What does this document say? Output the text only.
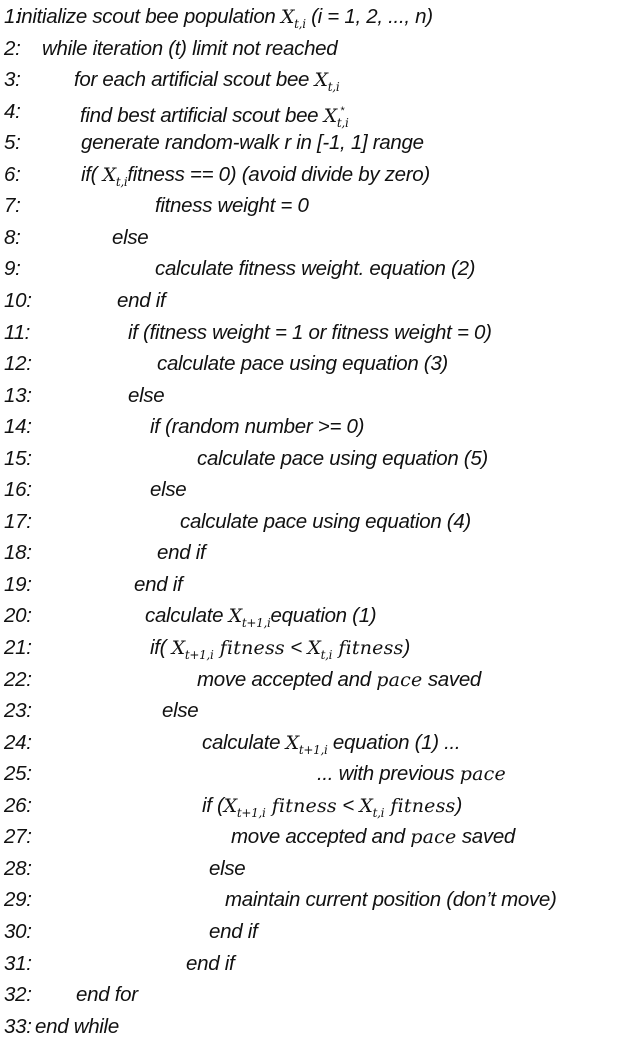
1:
initialize scout bee population $X_{t,i}$ (i = 1, 2, ..., n)
2: while iteration (t) limit not reached
3:	for each artificial scout bee $X_{t,i}$
4:	find best artificial scout bee $X_{t,i}^*$
5:	generate random-walk r in [-1, 1] range
6:	if( $X_{t,i}fitness == 0$) (avoid divide by zero)
7:	fitness weight = 0
8:	else
9:	calculate fitness weight. equation (2)
10:	end if
11:	if (fitness weight = 1 or fitness weight = 0)
12:	calculate pace using equation (3)
13:	else
14:	if (random number >= 0)
15:	calculate pace using equation (5)
16:	else
17:	calculate pace using equation (4)
18:	end if
19:	end if
20:	calculate $X_{t+1,i}equation$ (1)
21:	if( $X_{t+1,i}$ fitness < $X_{t,i}$ fitness)
22:	move accepted and pace saved
23:	else
24:	calculate $X_{t+1,i}$ equation (1) ...
25:	... with previous pace
26:	if ($X_{t+1,i}$ fitness < $X_{t,i}$ fitness)
27:	move accepted and pace saved
28:	else
29:	maintain current position (don’t move)
30:	end if
31:	end if
32: end for
33: end while
